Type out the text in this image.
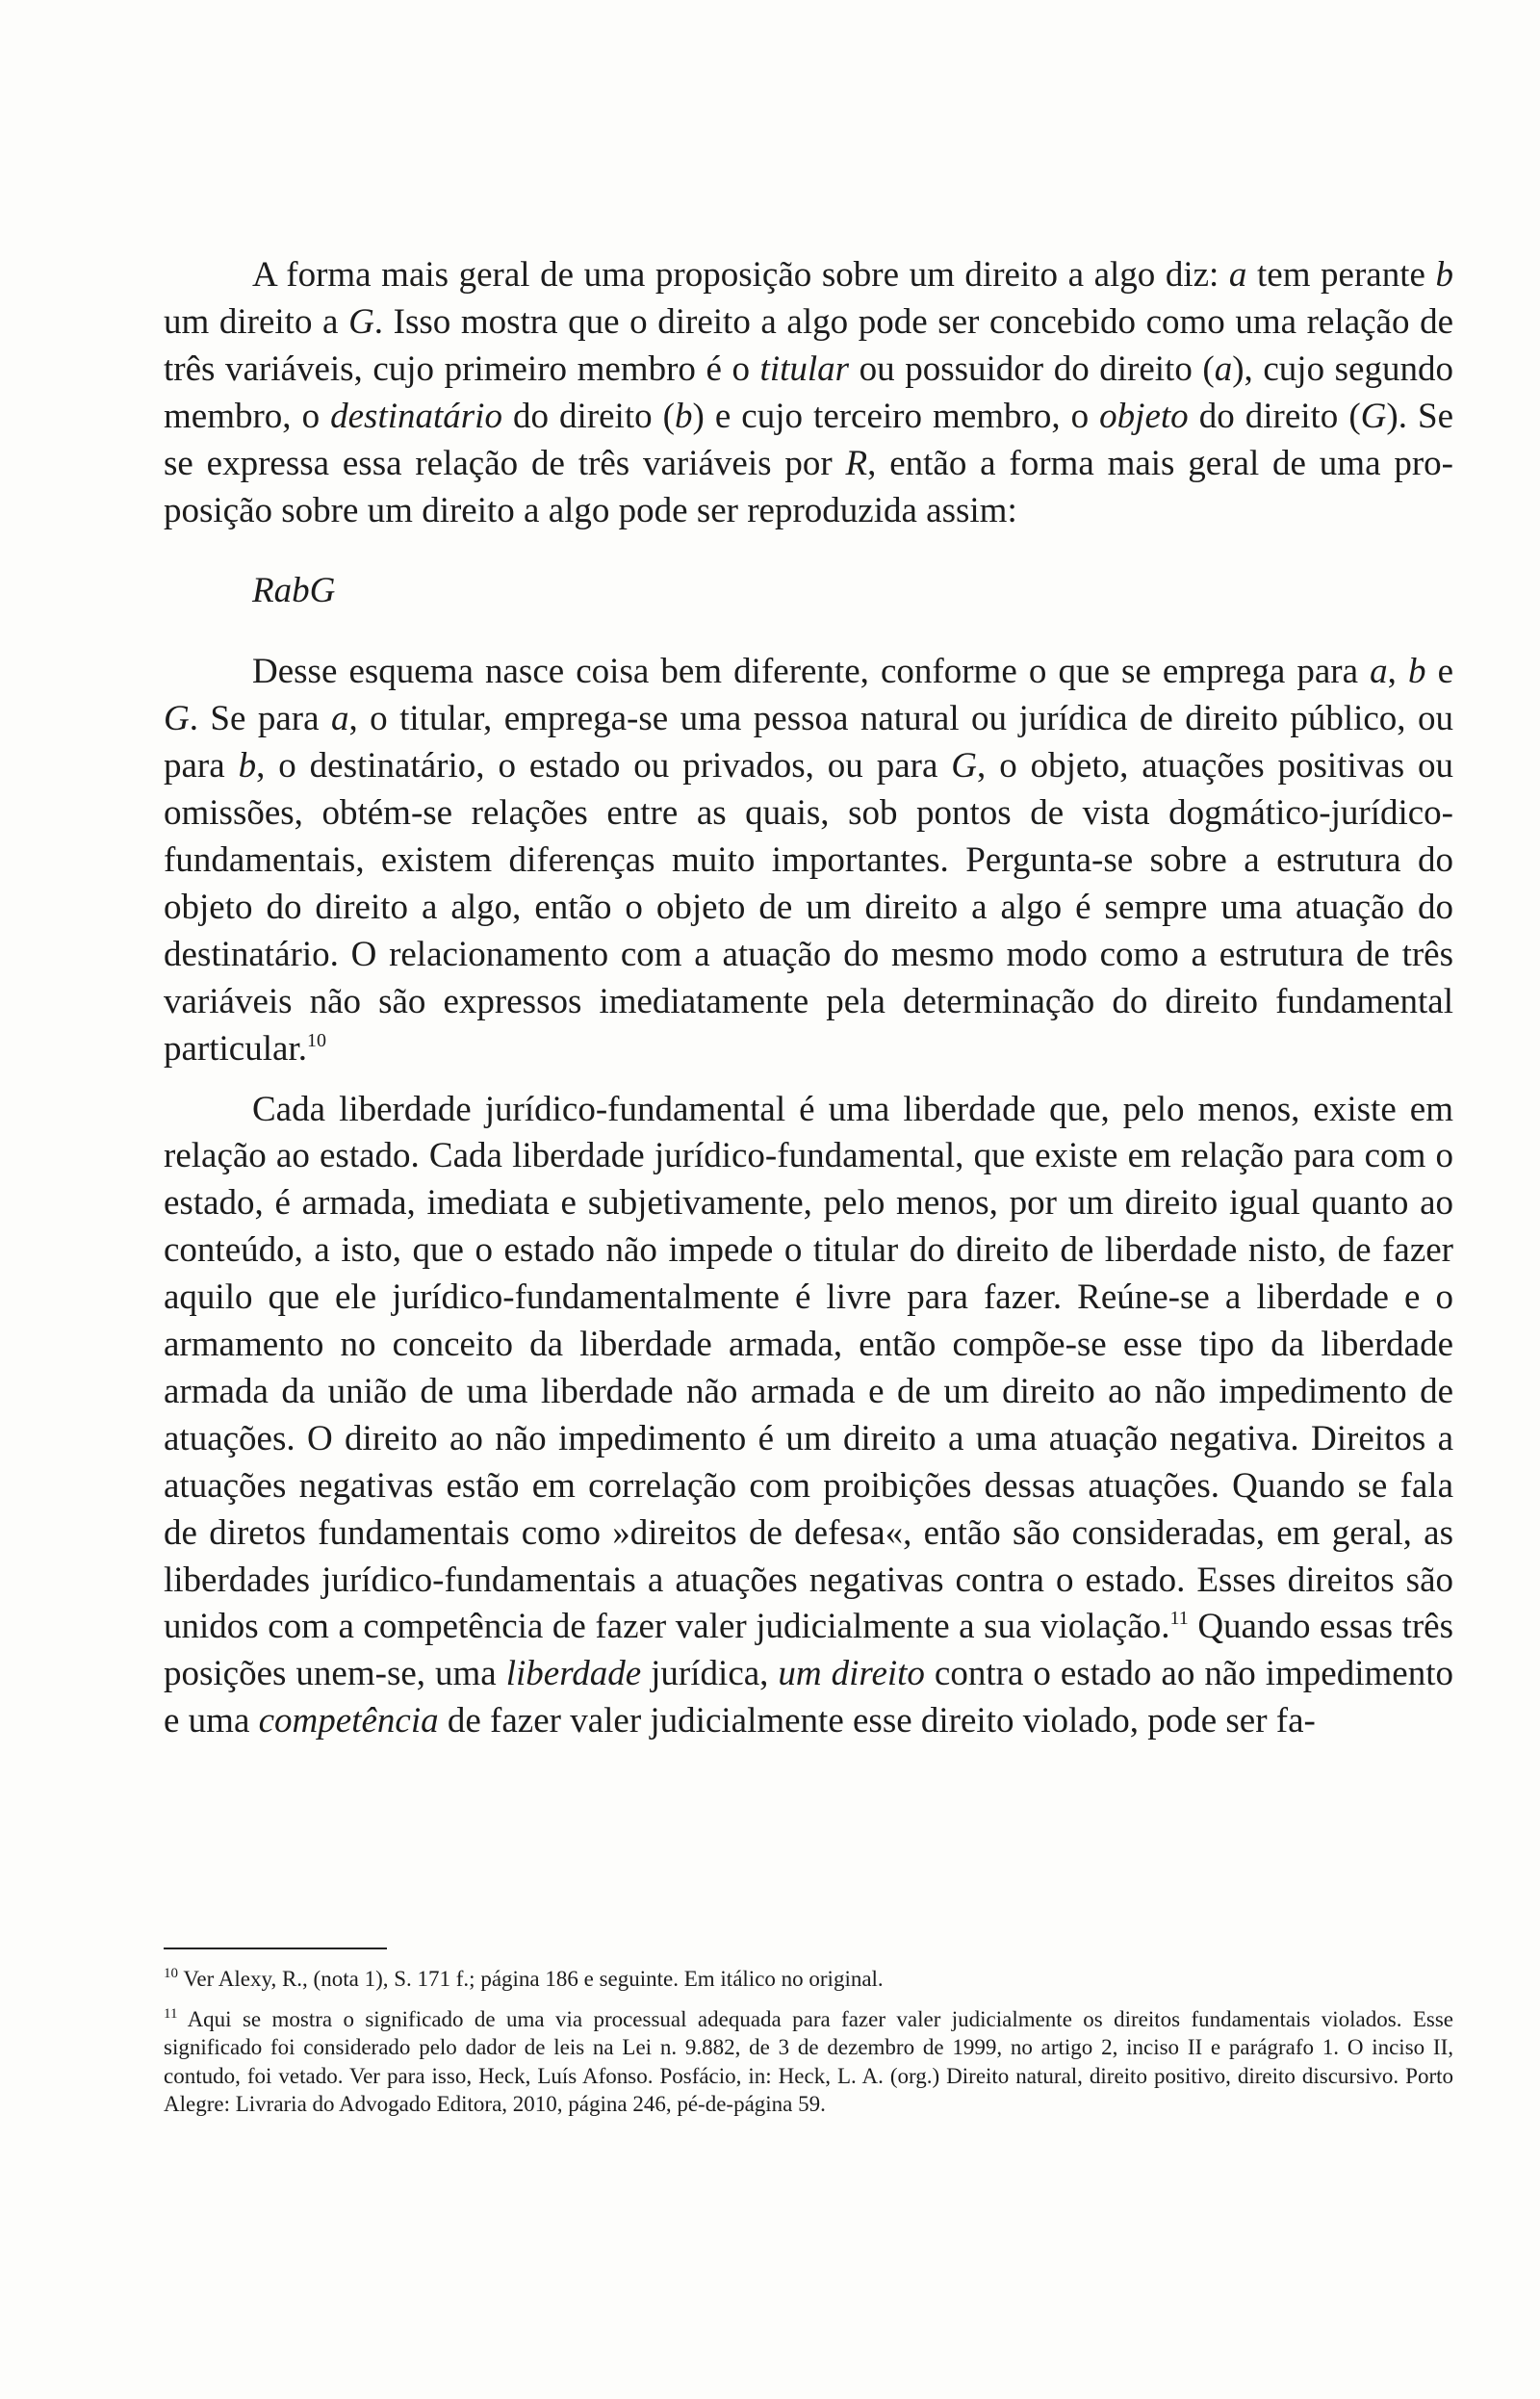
A forma mais geral de uma proposição sobre um direito a algo diz: a tem perante b um direito a G. Isso mostra que o direito a algo pode ser concebido como uma relação de três variáveis, cujo primeiro membro é o titular ou possuidor do direito (a), cujo segundo membro, o destinatário do direito (b) e cujo terceiro membro, o objeto do direito (G). Se se expressa essa relação de três variáveis por R, então a forma mais geral de uma proposição sobre um direito a algo pode ser reproduzida assim:

RabG

Desse esquema nasce coisa bem diferente, conforme o que se emprega para a, b e G. Se para a, o titular, emprega-se uma pessoa natural ou jurídica de direito público, ou para b, o destinatário, o estado ou privados, ou para G, o objeto, atuações positivas ou omissões, obtém-se relações entre as quais, sob pontos de vista dogmático-jurídico-fundamentais, existem diferenças muito importantes. Pergunta-se sobre a estrutura do objeto do direito a algo, então o objeto de um direito a algo é sempre uma atuação do destinatário. O relacionamento com a atuação do mesmo modo como a estrutura de três variáveis não são expressos imediatamente pela determinação do direito fundamental particular.$^{10}$

Cada liberdade jurídico-fundamental é uma liberdade que, pelo menos, existe em relação ao estado. Cada liberdade jurídico-fundamental, que existe em relação para com o estado, é armada, imediata e subjetivamente, pelo menos, por um direito igual quanto ao conteúdo, a isto, que o estado não impede o titular do direito de liberdade nisto, de fazer aquilo que ele jurídico-fundamentalmente é livre para fazer. Reúne-se a liberdade e o armamento no conceito da liberdade armada, então compõe-se esse tipo da liberdade armada da união de uma liberdade não armada e de um direito ao não impedimento de atuações. O direito ao não impedimento é um direito a uma atuação negativa. Direitos a atuações negativas estão em correlação com proibições dessas atuações. Quando se fala de diretos fundamentais como »direitos de defesa«, então são consideradas, em geral, as liberdades jurídico-fundamentais a atuações negativas contra o estado. Esses direitos são unidos com a competência de fazer valer judicialmente a sua violação.$^{11}$ Quando essas três posições unem-se, uma liberdade jurídica, um direito contra o estado ao não impedimento e uma competência de fazer valer judicialmente esse direito violado, pode ser fa-

$^{10}$ Ver Alexy, R., (nota 1), S. 171 f.; página 186 e seguinte. Em itálico no original.

$^{11}$ Aqui se mostra o significado de uma via processual adequada para fazer valer judicialmente os direitos fundamentais violados. Esse significado foi considerado pelo dador de leis na Lei n. 9.882, de 3 de dezembro de 1999, no artigo 2, inciso II e parágrafo 1. O inciso II, contudo, foi vetado. Ver para isso, Heck, Luís Afonso. Posfácio, in: Heck, L. A. (org.) Direito natural, direito positivo, direito discursivo. Porto Alegre: Livraria do Advogado Editora, 2010, página 246, pé-de-página 59.
